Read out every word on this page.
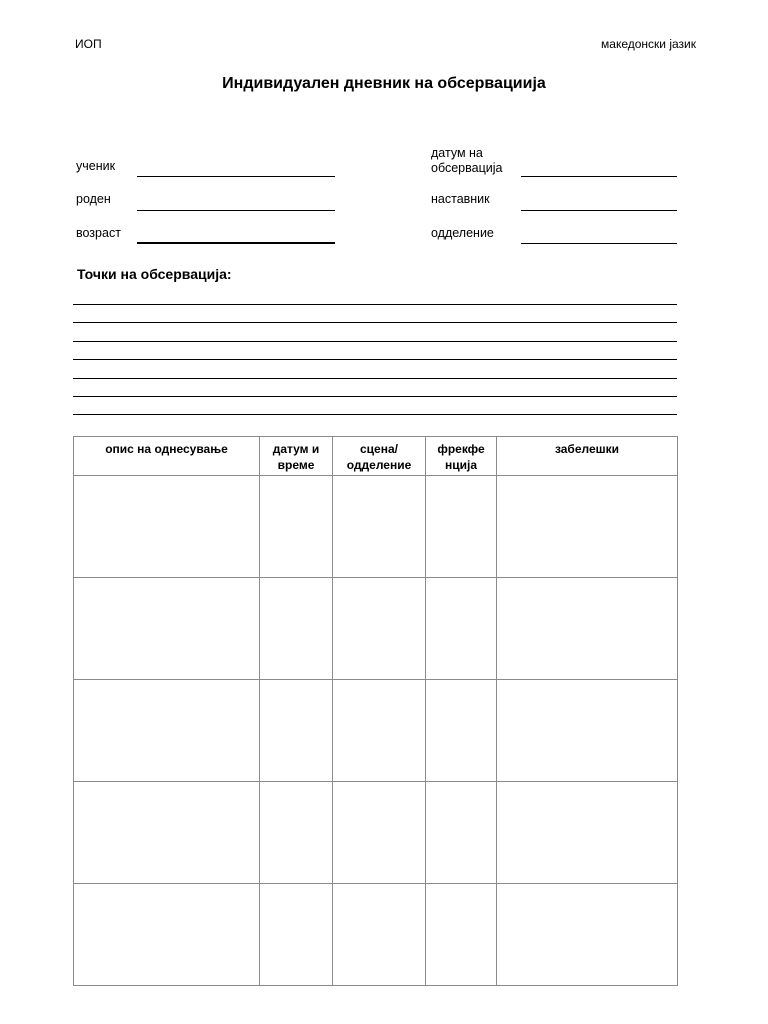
ИОП	македонски јазик
Индивидуален дневник на обсервациија
ученик
роден
возраст
датум на
обсервација
наставник
одделение
Точки на обсервација:
опис на однесување	датум и време	сцена/ одделение	фрекфе нција	забелешки
